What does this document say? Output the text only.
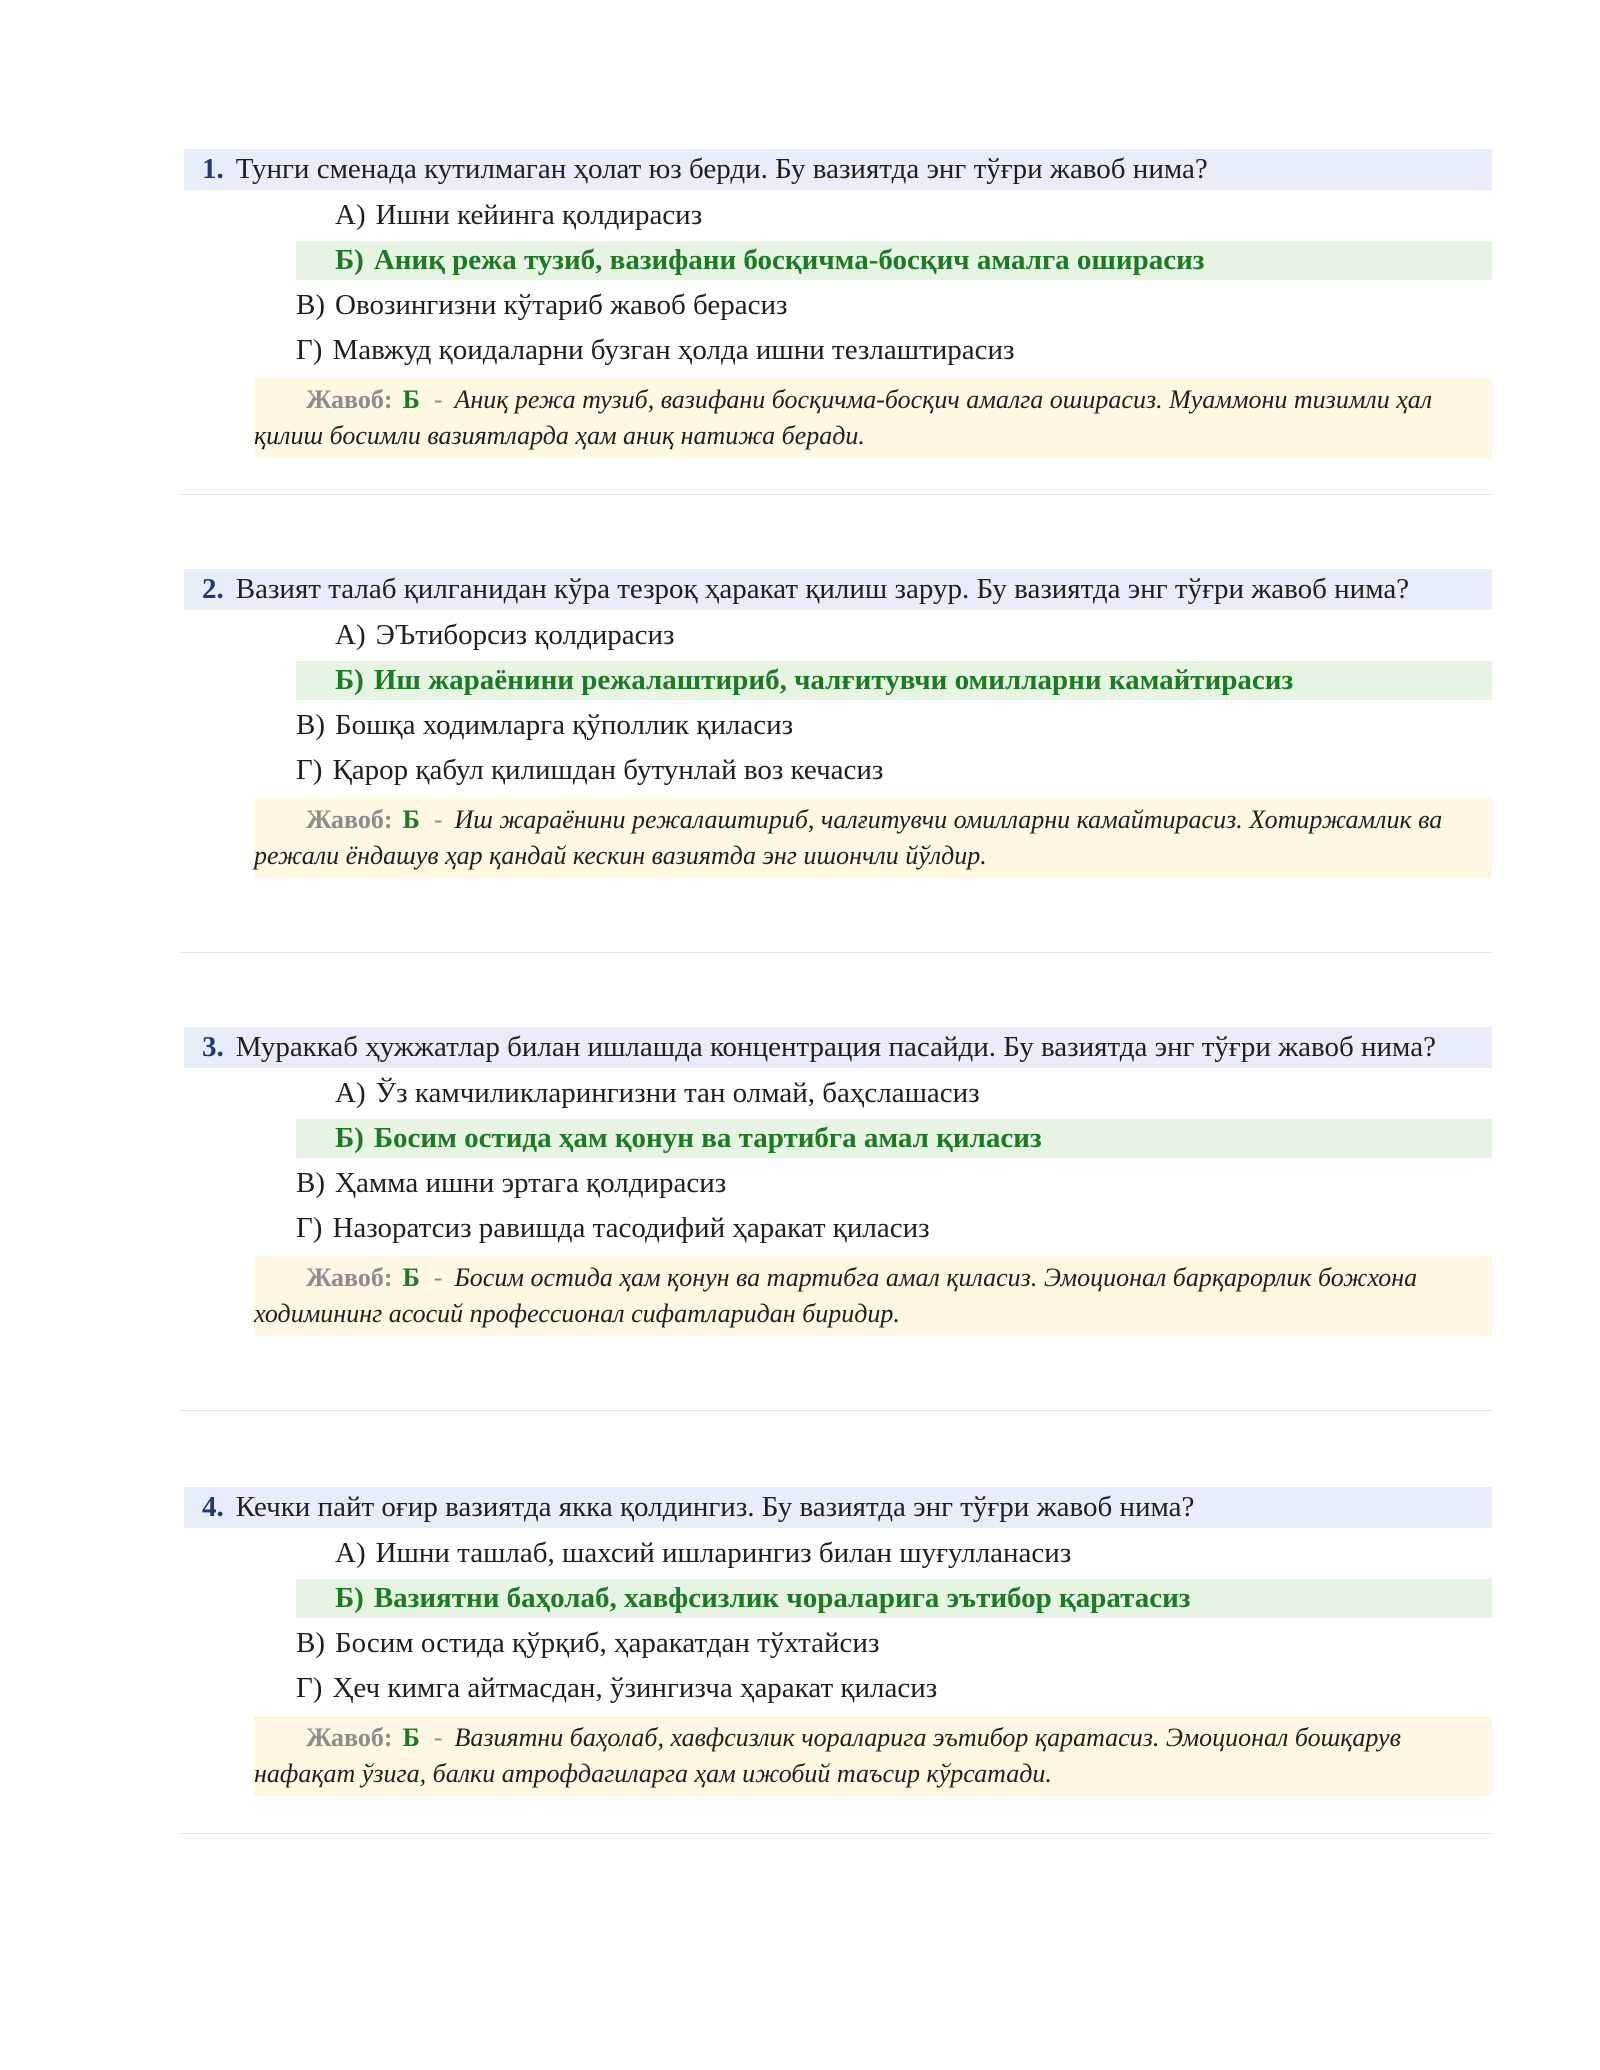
1. Тунги сменада кутилмаган ҳолат юз берди. Бу вазиятда энг тўғри жавоб нима?
А) Ишни кейинга қолдирасиз
Б) Аниқ режа тузиб, вазифани босқичма-босқич амалга оширасиз
В) Овозингизни кўтариб жавоб берасиз
Г) Мавжуд қоидаларни бузган ҳолда ишни тезлаштирасиз
Жавоб: Б - Аниқ режа тузиб, вазифани босқичма-босқич амалга оширасиз. Муаммони тизимли ҳал қилиш босимли вазиятларда ҳам аниқ натижа беради.
2. Вазият талаб қилганидан кўра тезроқ ҳаракат қилиш зарур. Бу вазиятда энг тўғри жавоб нима?
А) ЭЪтиборсиз қолдирасиз
Б) Иш жараёнини режалаштириб, чалғитувчи омилларни камайтирасиз
В) Бошқа ходимларга қўполлик қиласиз
Г) Қарор қабул қилишдан бутунлай воз кечасиз
Жавоб: Б - Иш жараёнини режалаштириб, чалғитувчи омилларни камайтирасиз. Хотиржамлик ва режали ёндашув ҳар қандай кескин вазиятда энг ишончли йўлдир.
3. Мураккаб ҳужжатлар билан ишлашда концентрация пасайди. Бу вазиятда энг тўғри жавоб нима?
А) Ўз камчиликларингизни тан олмай, баҳслашасиз
Б) Босим остида ҳам қонун ва тартибга амал қиласиз
В) Ҳамма ишни эртага қолдирасиз
Г) Назоратсиз равишда тасодифий ҳаракат қиласиз
Жавоб: Б - Босим остида ҳам қонун ва тартибга амал қиласиз. Эмоционал барқарорлик божхона ходимининг асосий профессионал сифатларидан биридир.
4. Кечки пайт оғир вазиятда якка қолдингиз. Бу вазиятда энг тўғри жавоб нима?
А) Ишни ташлаб, шахсий ишларингиз билан шуғулланасиз
Б) Вазиятни баҳолаб, хавфсизлик чораларига эътибор қаратасиз
В) Босим остида қўрқиб, ҳаракатдан тўхтайсиз
Г) Ҳеч кимга айтмасдан, ўзингизча ҳаракат қиласиз
Жавоб: Б - Вазиятни баҳолаб, хавфсизлик чораларига эътибор қаратасиз. Эмоционал бошқарув нафақат ўзига, балки атрофдагиларга ҳам ижобий таъсир кўрсатади.
